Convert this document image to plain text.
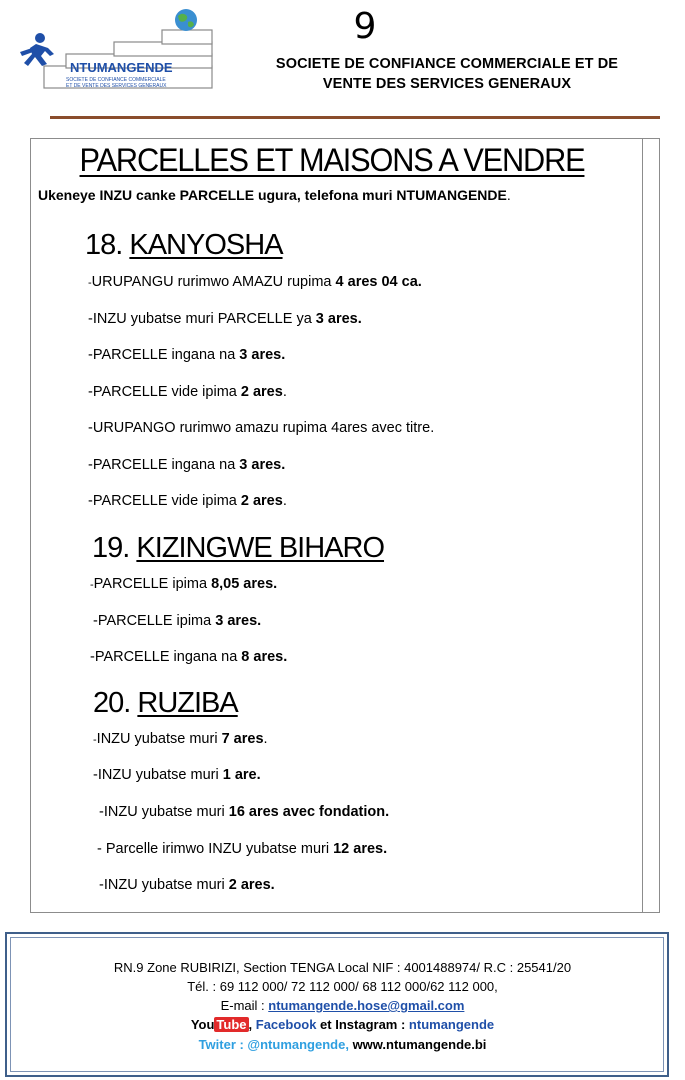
NTUMANGENDE
SOCIETE DE CONFIANCE COMMERCIALE
ET DE VENTE DES SERVICES GENERAUX
9
SOCIETE DE CONFIANCE COMMERCIALE ET DE
VENTE DES SERVICES GENERAUX
PARCELLES ET MAISONS A VENDRE
Ukeneye INZU canke PARCELLE ugura, telefona muri NTUMANGENDE.
18. KANYOSHA
-URUPANGU rurimwo AMAZU rupima 4 ares 04 ca.
-INZU yubatse muri PARCELLE ya 3 ares.
-PARCELLE ingana na 3 ares.
-PARCELLE vide ipima 2 ares.
-URUPANGO rurimwo amazu rupima 4ares avec titre.
-PARCELLE ingana na 3 ares.
-PARCELLE vide ipima 2 ares.
19. KIZINGWE BIHARO
-PARCELLE ipima 8,05 ares.
-PARCELLE ipima 3 ares.
-PARCELLE ingana na 8 ares.
20. RUZIBA
-INZU yubatse muri 7 ares.
-INZU yubatse muri 1 are.
-INZU yubatse muri 16 ares avec fondation.
- Parcelle irimwo INZU yubatse muri 12 ares.
-INZU yubatse muri 2 ares.
RN.9 Zone RUBIRIZI, Section TENGA Local NIF : 4001488974/ R.C : 25541/20
Tél. : 69 112 000/ 72 112 000/ 68 112 000/62 112 000,
E-mail : ntumangende.hose@gmail.com
You Tube , Facebook et Instagram : ntumangende
Twiter : @ntumangende, www.ntumangende.bi
